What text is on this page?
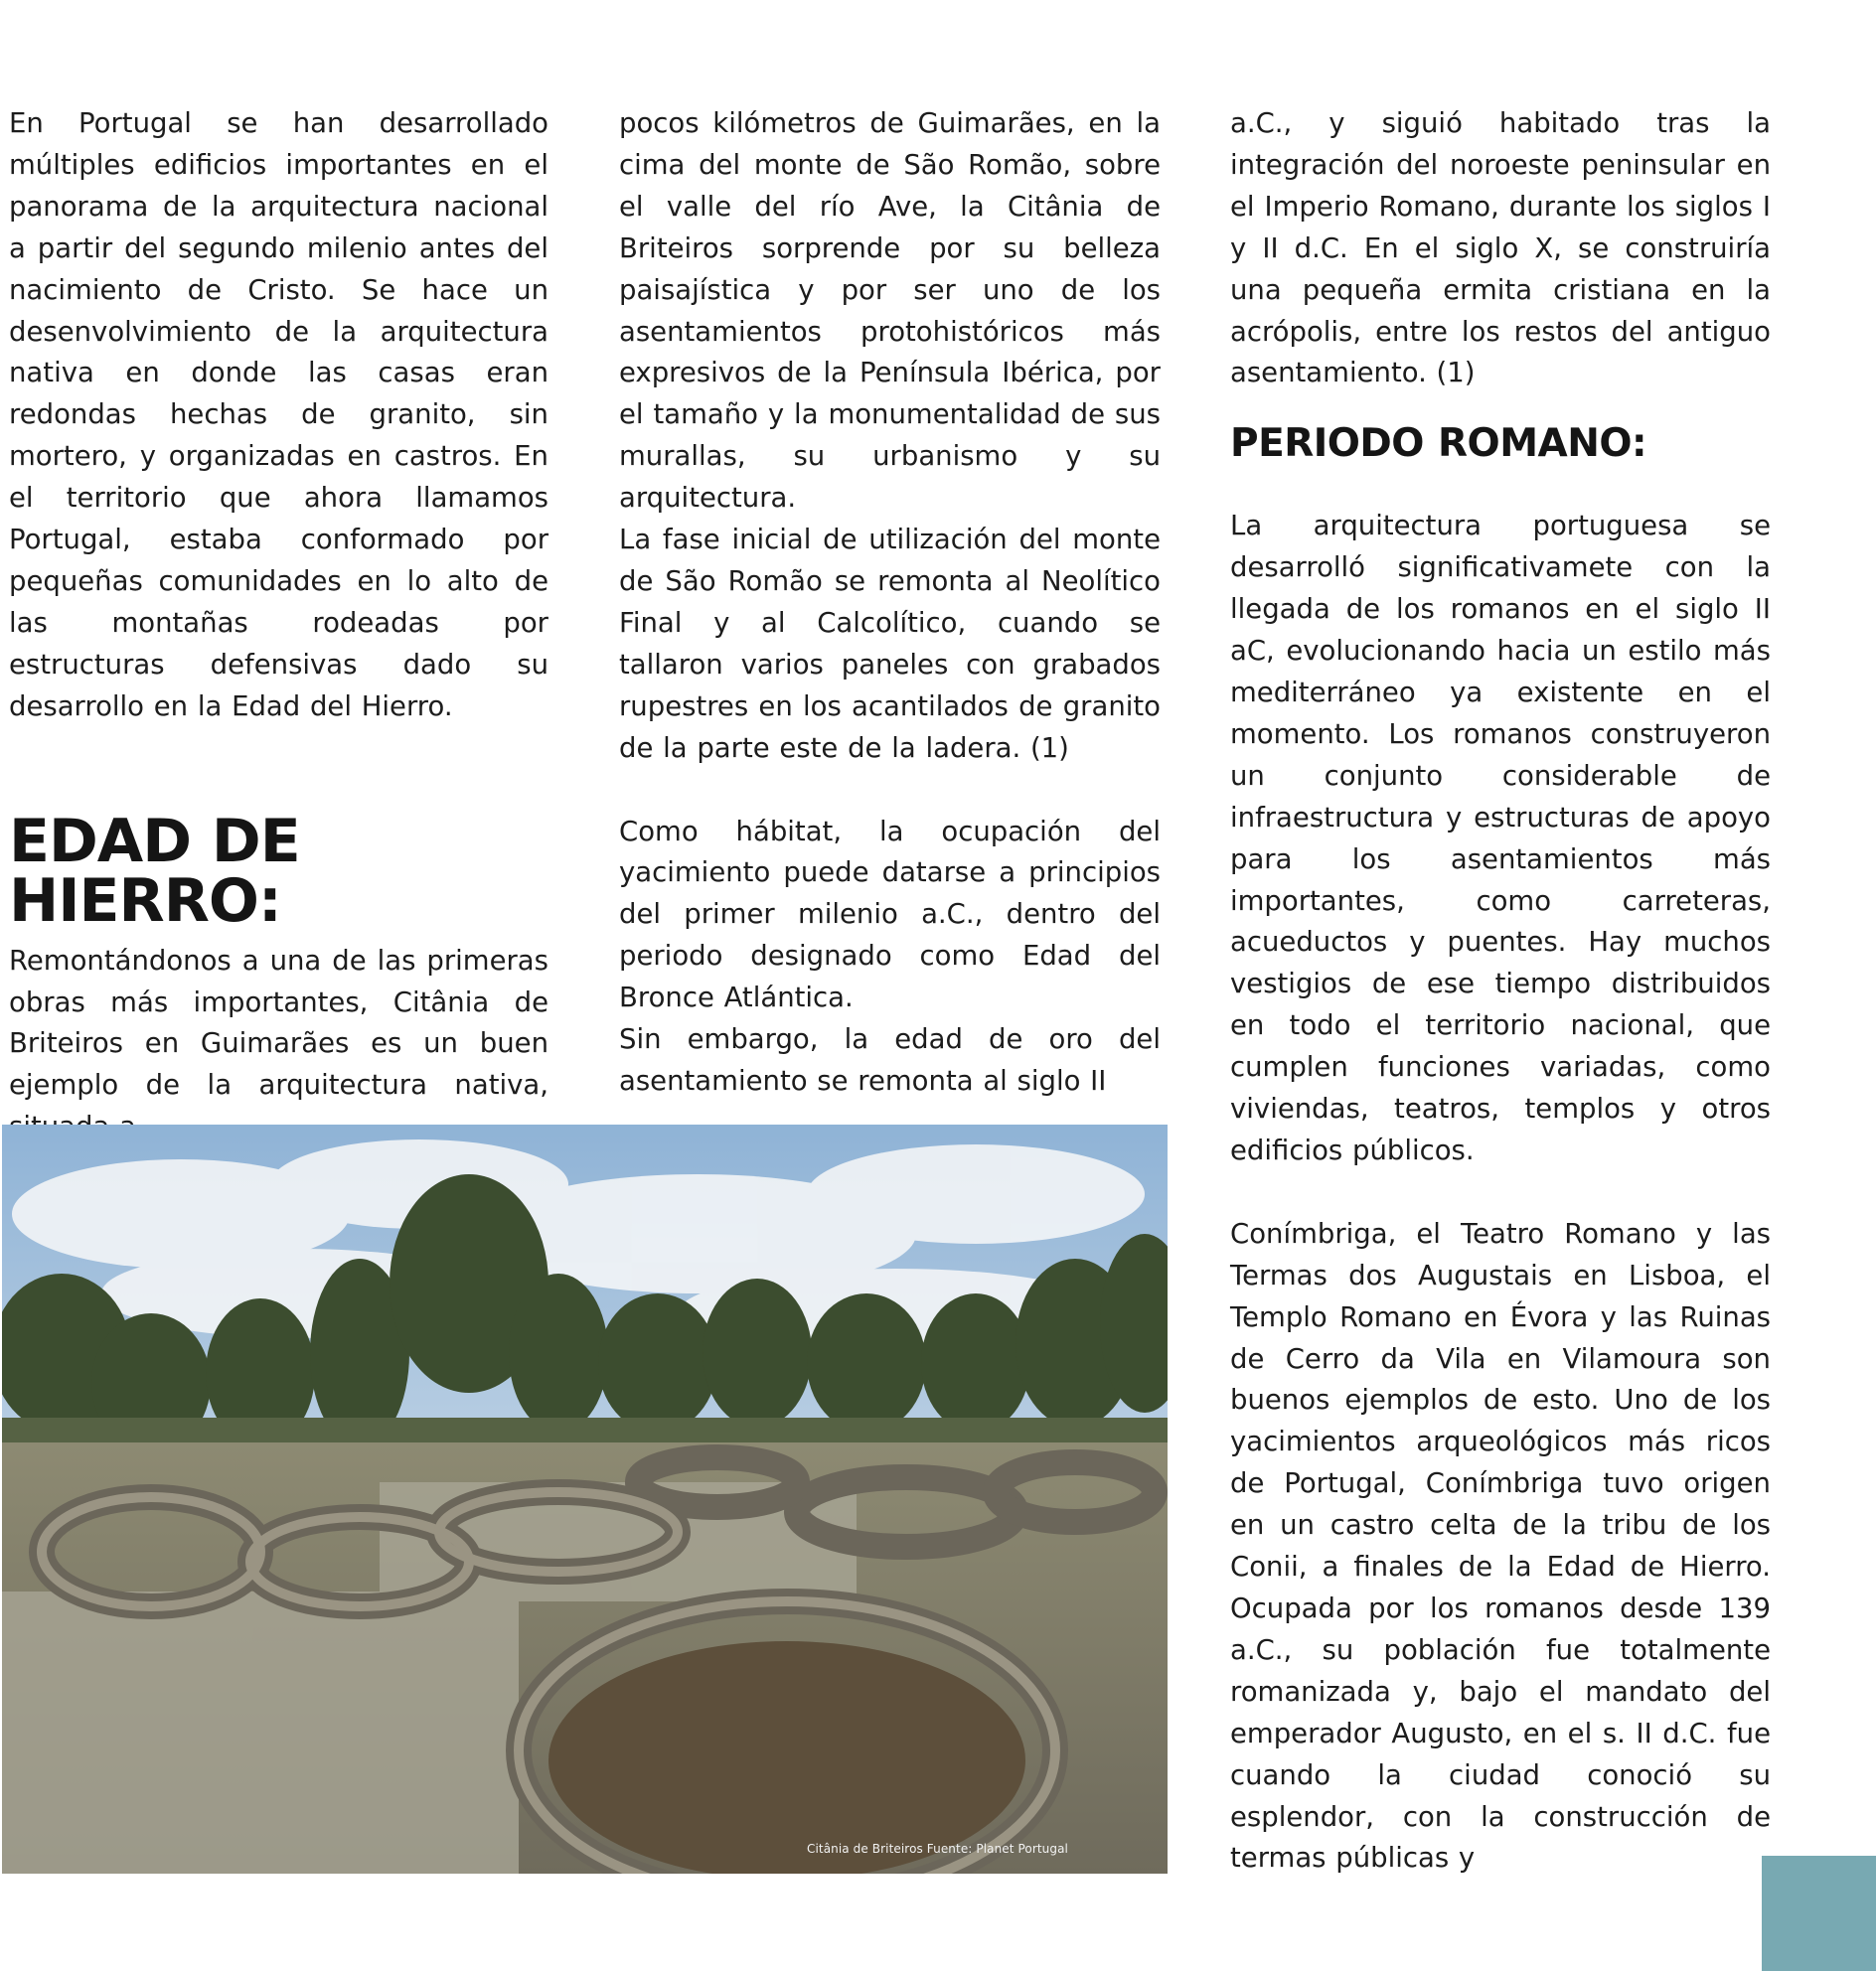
En Portugal se han desarrollado múltiples edificios importantes en el panorama de la arquitectura nacional a partir del segundo milenio antes del nacimiento de Cristo. Se hace un desenvolvimiento de la arquitectura nativa en donde las casas eran redondas hechas de granito, sin mortero, y organizadas en castros. En el territorio que ahora llamamos Portugal, estaba conformado por pequeñas comunidades en lo alto de las montañas rodeadas por estructuras defensivas dado su desarrollo en la Edad del Hierro.

EDAD DE HIERRO:

Remontándonos a una de las primeras obras más importantes, Citânia de Briteiros en Guimarães es un buen ejemplo de la arquitectura nativa,

pocos kilómetros de Guimarães, en la cima del monte de São Romão, sobre el valle del río Ave, la Citânia de Briteiros sorprende por su belleza paisajística y por ser uno de los asentamientos protohistóricos más expresivos de la Península Ibérica, por el tamaño y la monumentalidad de sus murallas, su urbanismo y su arquitectura.

La fase inicial de utilización del monte de São Romão se remonta al Neolítico Final y al Calcolítico, cuando se tallaron varios paneles con grabados rupestres en los acantilados de granito de la parte este de la ladera. (1)

Como hábitat, la ocupación del yacimiento puede datarse a principios del primer milenio a.C., dentro del periodo designado como Edad del Bronce Atlántica.

Sin embargo, la edad de oro del asentamiento se remonta al siglo II

a.C., y siguió habitado tras la integración del noroeste peninsular en el Imperio Romano, durante los siglos I y II d.C. En el siglo X, se construiría una pequeña ermita cristiana en la acrópolis, entre los restos del antiguo asentamiento. (1)

PERIODO ROMANO:

La arquitectura portuguesa se desarrolló significativamete con la llegada de los romanos en el siglo II aC, evolucionando hacia un estilo más mediterráneo ya existente en el momento. Los romanos construyeron un conjunto considerable de infraestructura y estructuras de apoyo para los asentamientos más importantes, como carreteras, acueductos y puentes. Hay muchos vestigios de ese tiempo distribuidos en todo el territorio nacional, que cumplen funciones variadas, como viviendas, teatros, templos y otros edificios públicos.

Conímbriga, el Teatro Romano y las Termas dos Augustais en Lisboa, el Templo Romano en Évora y las Ruinas de Cerro da Vila en Vilamoura son buenos ejemplos de esto. Uno de los yacimientos arqueológicos más ricos de Portugal, Conímbriga tuvo origen en un castro celta de la tribu de los Conii, a finales de la Edad de Hierro. Ocupada por los romanos desde 139 a.C., su población fue totalmente romanizada y, bajo el mandato del emperador Augusto, en el s. II d.C. fue cuando la ciudad conoció su esplendor, con la construcción de termas públicas y

Citânia de Briteiros Fuente: Planet Portugal
